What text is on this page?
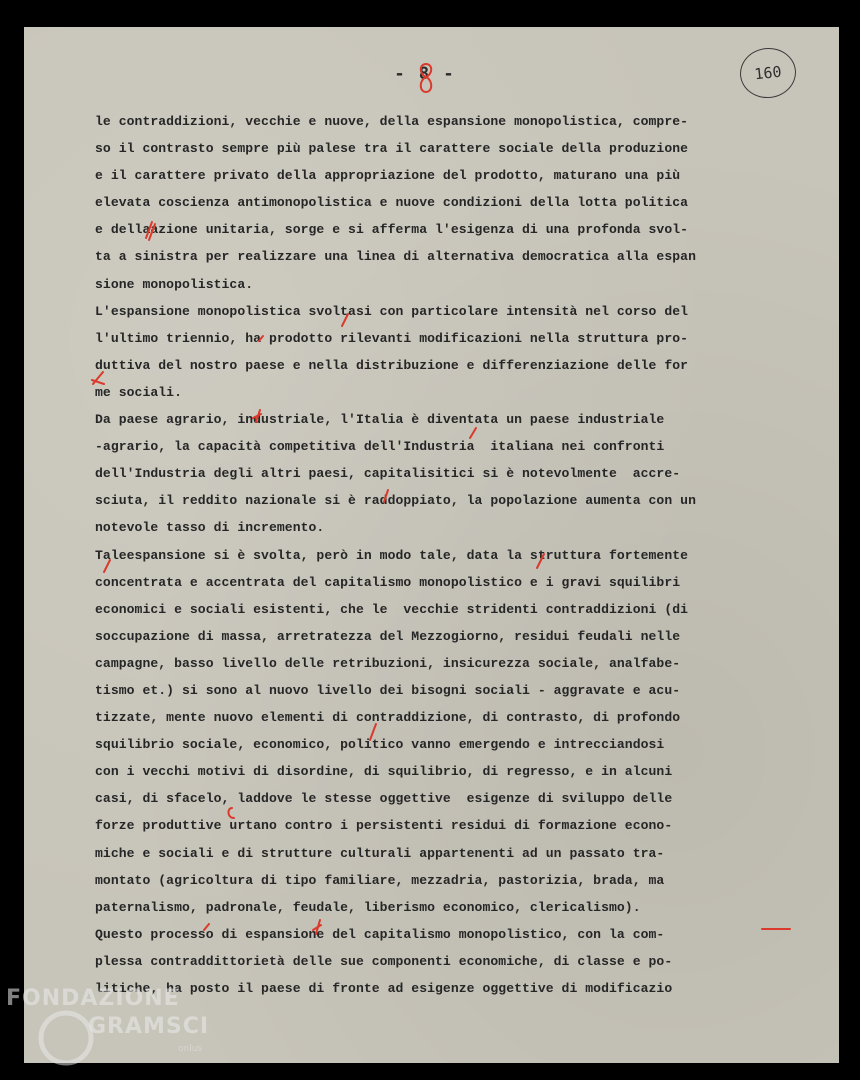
- 8 -	160
le contraddizioni, vecchie e nuove, della espansione monopolistica, compre-
so il contrasto sempre più palese tra il carattere sociale della produzione
e il carattere privato della appropriazione del prodotto, maturano una più
elevata coscienza antimonopolistica e nuove condizioni della lotta politica
e dellaazione unitaria, sorge e si afferma l'esigenza di una profonda svol-
ta a sinistra per realizzare una linea di alternativa democratica alla espan
sione monopolistica.
L'espansione monopolistica svoltasi con particolare intensità nel corso del
l'ultimo triennio, ha prodotto rilevanti modificazioni nella struttura pro-
duttiva del nostro paese e nella distribuzione e differenziazione delle for
me sociali.
Da paese agrario, industriale, l'Italia è diventata un paese industriale
-agrario, la capacità competitiva dell'Industria  italiana nei confronti
dell'Industria degli altri paesi, capitalisitici si è notevolmente  accre-
sciuta, il reddito nazionale si è raddoppiato, la popolazione aumenta con un
notevole tasso di incremento.
Taleespansione si è svolta, però in modo tale, data la struttura fortemente
concentrata e accentrata del capitalismo monopolistico e i gravi squilibri
economici e sociali esistenti, che le  vecchie stridenti contraddizioni (di
soccupazione di massa, arretratezza del Mezzogiorno, residui feudali nelle
campagne, basso livello delle retribuzioni, insicurezza sociale, analfabe-
tismo et.) si sono al nuovo livello dei bisogni sociali - aggravate e acu-
tizzate, mente nuovo elementi di contraddizione, di contrasto, di profondo
squilibrio sociale, economico, politico vanno emergendo e intrecciandosi
con i vecchi motivi di disordine, di squilibrio, di regresso, e in alcuni
casi, di sfacelo, laddove le stesse oggettive  esigenze di sviluppo delle
forze produttive urtano contro i persistenti residui di formazione econo-
miche e sociali e di strutture culturali appartenenti ad un passato tra-
montato (agricoltura di tipo familiare, mezzadria, pastorizia, brada, ma
paternalismo, padronale, feudale, liberismo economico, clericalismo).
Questo processo di espansione del capitalismo monopolistico, con la com-
plessa contraddittorietà delle sue componenti economiche, di classe e po-
litiche, ha posto il paese di fronte ad esigenze oggettive di modificazio
FONDAZIONE
GRAMSCI
onlus
